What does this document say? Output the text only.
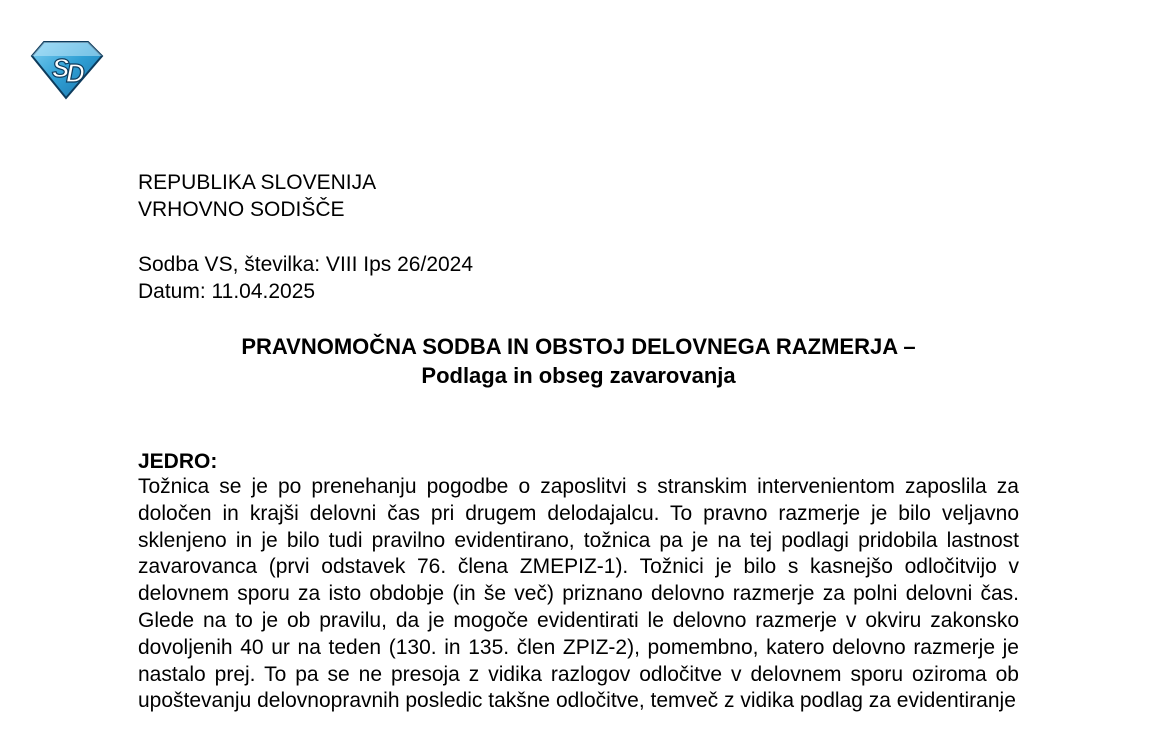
S
D
REPUBLIKA SLOVENIJA
VRHOVNO SODIŠČE
Sodba VS, številka: VIII Ips 26/2024
Datum: 11.04.2025
PRAVNOMOČNA SODBA IN OBSTOJ DELOVNEGA RAZMERJA –
Podlaga in obseg zavarovanja
JEDRO:
Tožnica se je po prenehanju pogodbe o zaposlitvi s stranskim intervenientom zaposlila za določen in krajši delovni čas pri drugem delodajalcu. To pravno razmerje je bilo veljavno sklenjeno in je bilo tudi pravilno evidentirano, tožnica pa je na tej podlagi pridobila lastnost zavarovanca (prvi odstavek 76. člena ZMEPIZ-1). Tožnici je bilo s kasnejšo odločitvijo v delovnem sporu za isto obdobje (in še več) priznano delovno razmerje za polni delovni čas. Glede na to je ob pravilu, da je mogoče evidentirati le delovno razmerje v okviru zakonsko dovoljenih 40 ur na teden (130. in 135. člen ZPIZ-2), pomembno, katero delovno razmerje je nastalo prej. To pa se ne presoja z vidika razlogov odločitve v delovnem sporu oziroma ob upoštevanju delovnopravnih posledic takšne odločitve, temveč z vidika podlag za evidentiranje
